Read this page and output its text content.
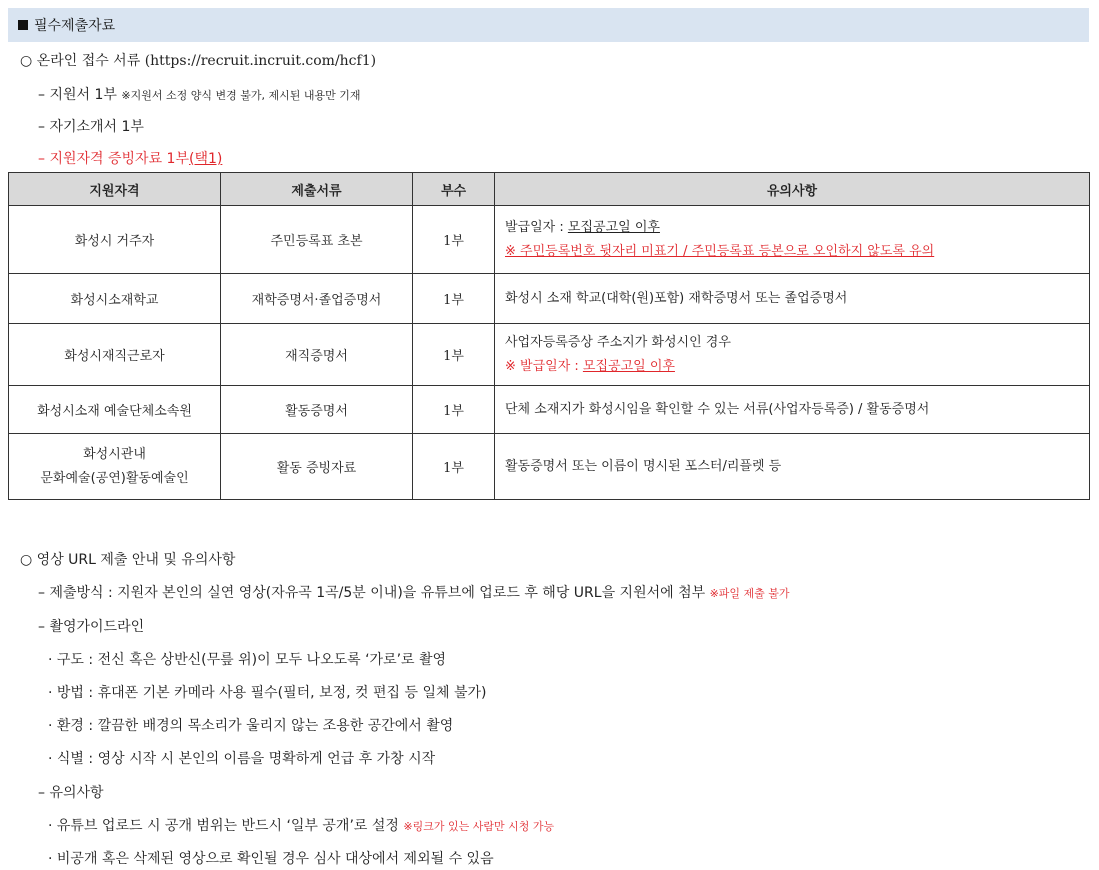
필수제출자료
○ 온라인 접수 서류 (https://recruit.incruit.com/hcf1)
– 지원서 1부 ※지원서 소정 양식 변경 불가, 제시된 내용만 기재
– 자기소개서 1부
– 지원자격 증빙자료 1부(택1)
지원자격	제출서류	부수	유의사항
화성시 거주자	주민등록표 초본	1부	발급일자 : 모집공고일 이후
※ 주민등록번호 뒷자리 미표기 / 주민등록표 등본으로 오인하지 않도록 유의

화성시소재학교	재학증명서·졸업증명서	1부	화성시 소재 학교(대학(원)포함) 재학증명서 또는 졸업증명서
화성시재직근로자	재직증명서	1부	사업자등록증상 주소지가 화성시인 경우
※ 발급일자 : 모집공고일 이후

화성시소재 예술단체소속원	활동증명서	1부	단체 소재지가 화성시임을 확인할 수 있는 서류(사업자등록증) / 활동증명서

화성시관내
문화예술(공연)활동예술인	활동 증빙자료	1부	활동증명서 또는 이름이 명시된 포스터/리플렛 등
○ 영상 URL 제출 안내 및 유의사항
– 제출방식 : 지원자 본인의 실연 영상(자유곡 1곡/5분 이내)을 유튜브에 업로드 후 해당 URL을 지원서에 첨부 ※파일 제출 불가
– 촬영가이드라인
· 구도 : 전신 혹은 상반신(무릎 위)이 모두 나오도록 ‘가로’로 촬영
· 방법 : 휴대폰 기본 카메라 사용 필수(필터, 보정, 컷 편집 등 일체 불가)
· 환경 : 깔끔한 배경의 목소리가 울리지 않는 조용한 공간에서 촬영
· 식별 : 영상 시작 시 본인의 이름을 명확하게 언급 후 가창 시작
– 유의사항
· 유튜브 업로드 시 공개 범위는 반드시 ‘일부 공개’로 설정 ※링크가 있는 사람만 시청 가능
· 비공개 혹은 삭제된 영상으로 확인될 경우 심사 대상에서 제외될 수 있음
